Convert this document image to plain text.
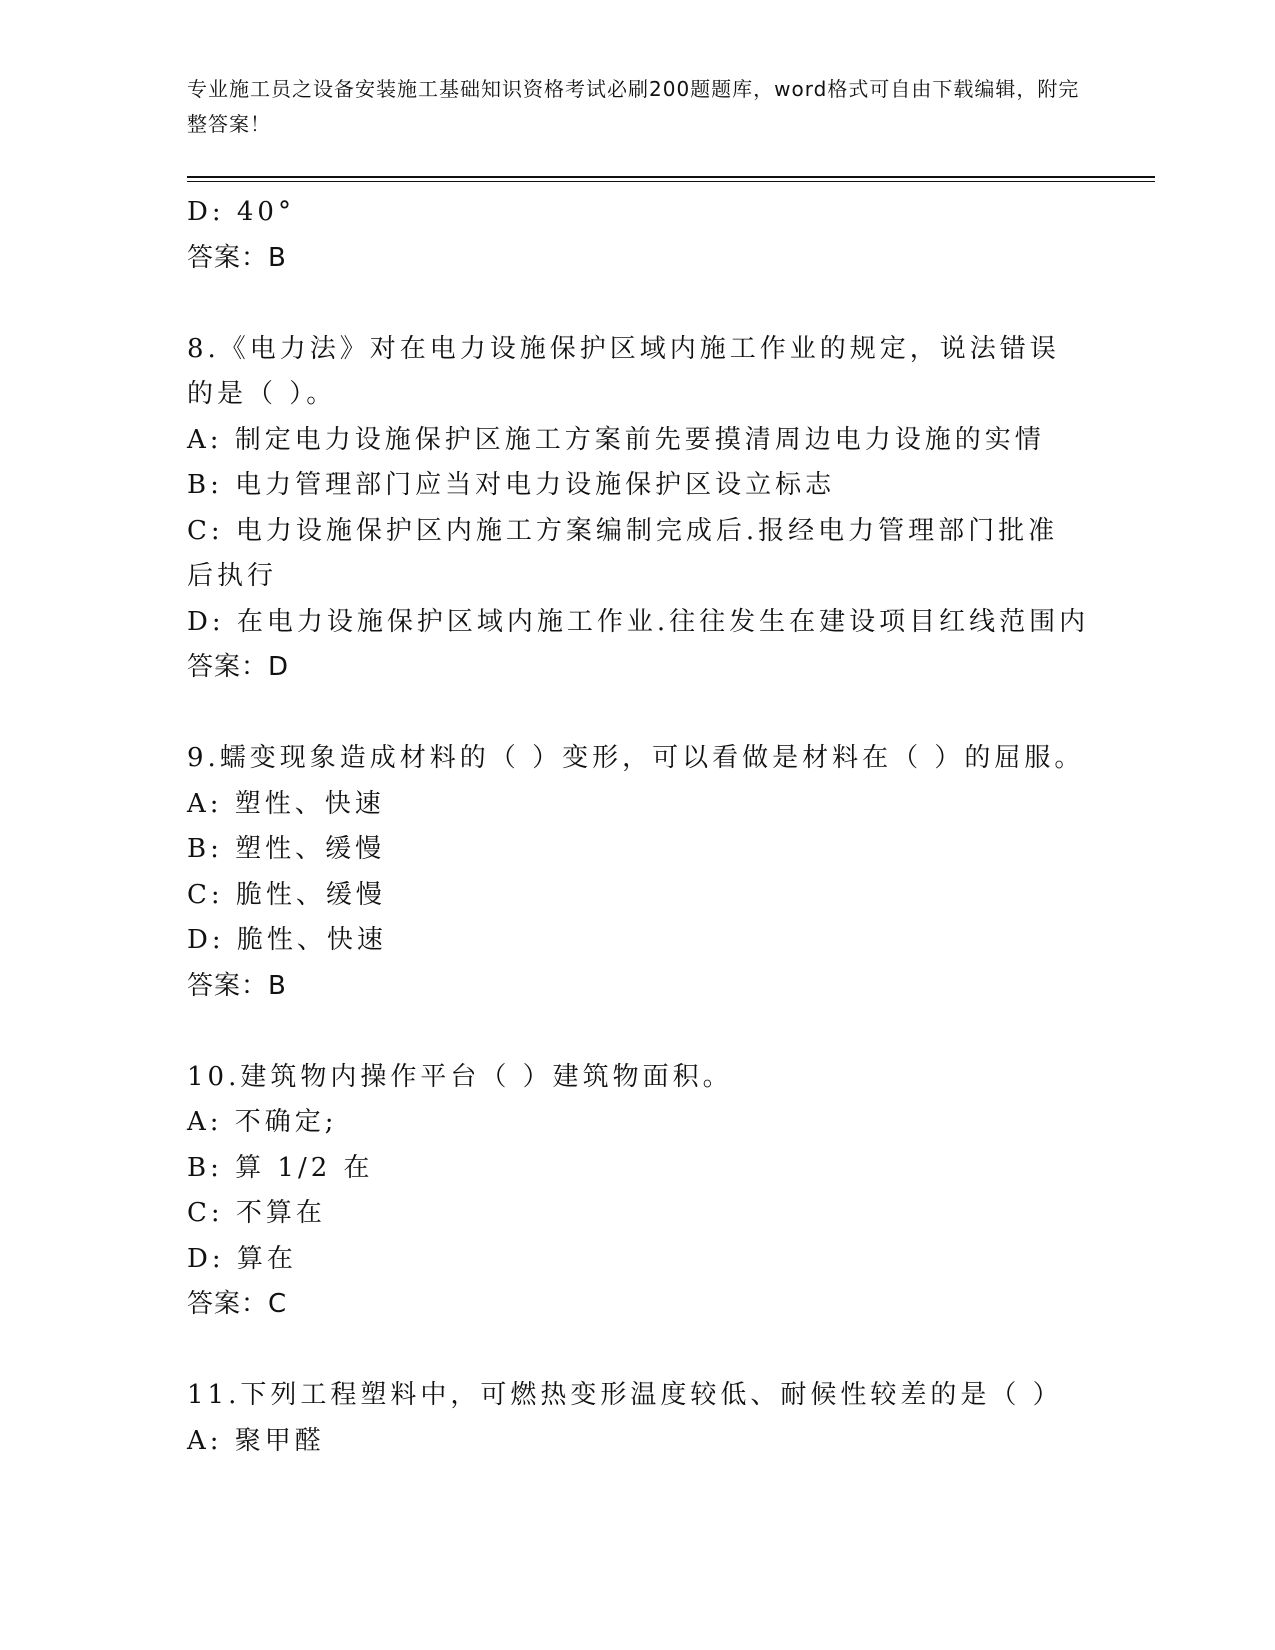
专业施工员之设备安装施工基础知识资格考试必刷200题题库，word格式可自由下载编辑，附完整答案！
D: 40°
答案：B
8.《电力法》对在电力设施保护区域内施工作业的规定，说法错误的是（ ）。
A: 制定电力设施保护区施工方案前先要摸清周边电力设施的实情
B: 电力管理部门应当对电力设施保护区设立标志
C: 电力设施保护区内施工方案编制完成后.报经电力管理部门批准后执行
D: 在电力设施保护区域内施工作业.往往发生在建设项目红线范围内
答案：D
9.蠕变现象造成材料的（ ）变形，可以看做是材料在（ ）的屈服。
A: 塑性、快速
B: 塑性、缓慢
C: 脆性、缓慢
D: 脆性、快速
答案：B
10.建筑物内操作平台（ ）建筑物面积。
A: 不确定;
B: 算 1/2 在
C: 不算在
D: 算在
答案：C
11.下列工程塑料中，可燃热变形温度较低、耐候性较差的是（ ）
A: 聚甲醛
